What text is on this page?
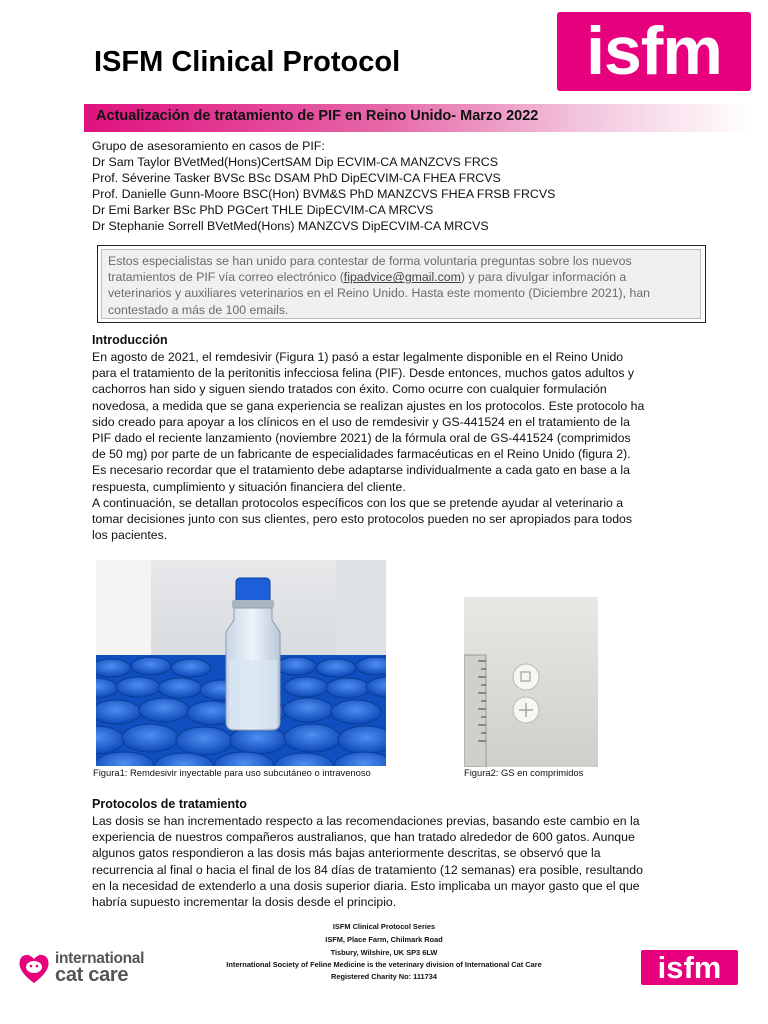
ISFM Clinical Protocol	isfm
Actualización de tratamiento de PIF en Reino Unido- Marzo 2022
Grupo de asesoramiento en casos de PIF:
Dr Sam Taylor BVetMed(Hons)CertSAM Dip ECVIM-CA MANZCVS FRCS
Prof. Séverine Tasker BVSc BSc DSAM PhD DipECVIM-CA FHEA FRCVS
Prof. Danielle Gunn-Moore BSC(Hon) BVM&S PhD MANZCVS FHEA FRSB FRCVS
Dr Emi Barker BSc PhD PGCert THLE DipECVIM-CA MRCVS
Dr Stephanie Sorrell BVetMed(Hons) MANZCVS DipECVIM-CA MRCVS
Estos especialistas se han unido para contestar de forma voluntaria preguntas sobre los nuevos
tratamientos de PIF vía correo electrónico (fipadvice@gmail.com) y para divulgar información a
veterinarios y auxiliares veterinarios en el Reino Unido. Hasta este momento (Diciembre 2021), han
contestado a más de 100 emails.
Introducción
En agosto de 2021, el remdesivir (Figura 1) pasó a estar legalmente disponible en el Reino Unido
para el tratamiento de la peritonitis infecciosa felina (PIF). Desde entonces, muchos gatos adultos y
cachorros han sido y siguen siendo tratados con éxito. Como ocurre con cualquier formulación
novedosa, a medida que se gana experiencia se realizan ajustes en los protocolos. Este protocolo ha
sido creado para apoyar a los clínicos en el uso de remdesivir y GS-441524 en el tratamiento de la
PIF dado el reciente lanzamiento (noviembre 2021) de la fórmula oral de GS-441524 (comprimidos
de 50 mg) por parte de un fabricante de especialidades farmacéuticas en el Reino Unido (figura 2).
Es necesario recordar que el tratamiento debe adaptarse individualmente a cada gato en base a la
respuesta, cumplimiento y situación financiera del cliente.
A continuación, se detallan protocolos específicos con los que se pretende ayudar al veterinario a
tomar decisiones junto con sus clientes, pero esto protocolos pueden no ser apropiados para todos
los pacientes.
Figura1: Remdesivir inyectable para uso subcutáneo o intravenoso	Figura2: GS en comprimidos
Protocolos de tratamiento
Las dosis se han incrementado respecto a las recomendaciones previas, basando este cambio en la
experiencia de nuestros compañeros australianos, que han tratado alrededor de 600 gatos. Aunque
algunos gatos respondieron a las dosis más bajas anteriormente descritas, se observó que la
recurrencia al final o hacia el final de los 84 días de tratamiento (12 semanas) era posible, resultando
en la necesidad de extenderlo a una dosis superior diaria. Esto implicaba un mayor gasto que el que
habría supuesto incrementar la dosis desde el principio.
ISFM Clinical Protocol Series
ISFM, Place Farm, Chilmark Road
Tisbury, Wilshire, UK SP3 6LW
International Society of Feline Medicine is the veterinary division of International Cat Care
Registered Charity No: 111734
international
cat care	isfm
